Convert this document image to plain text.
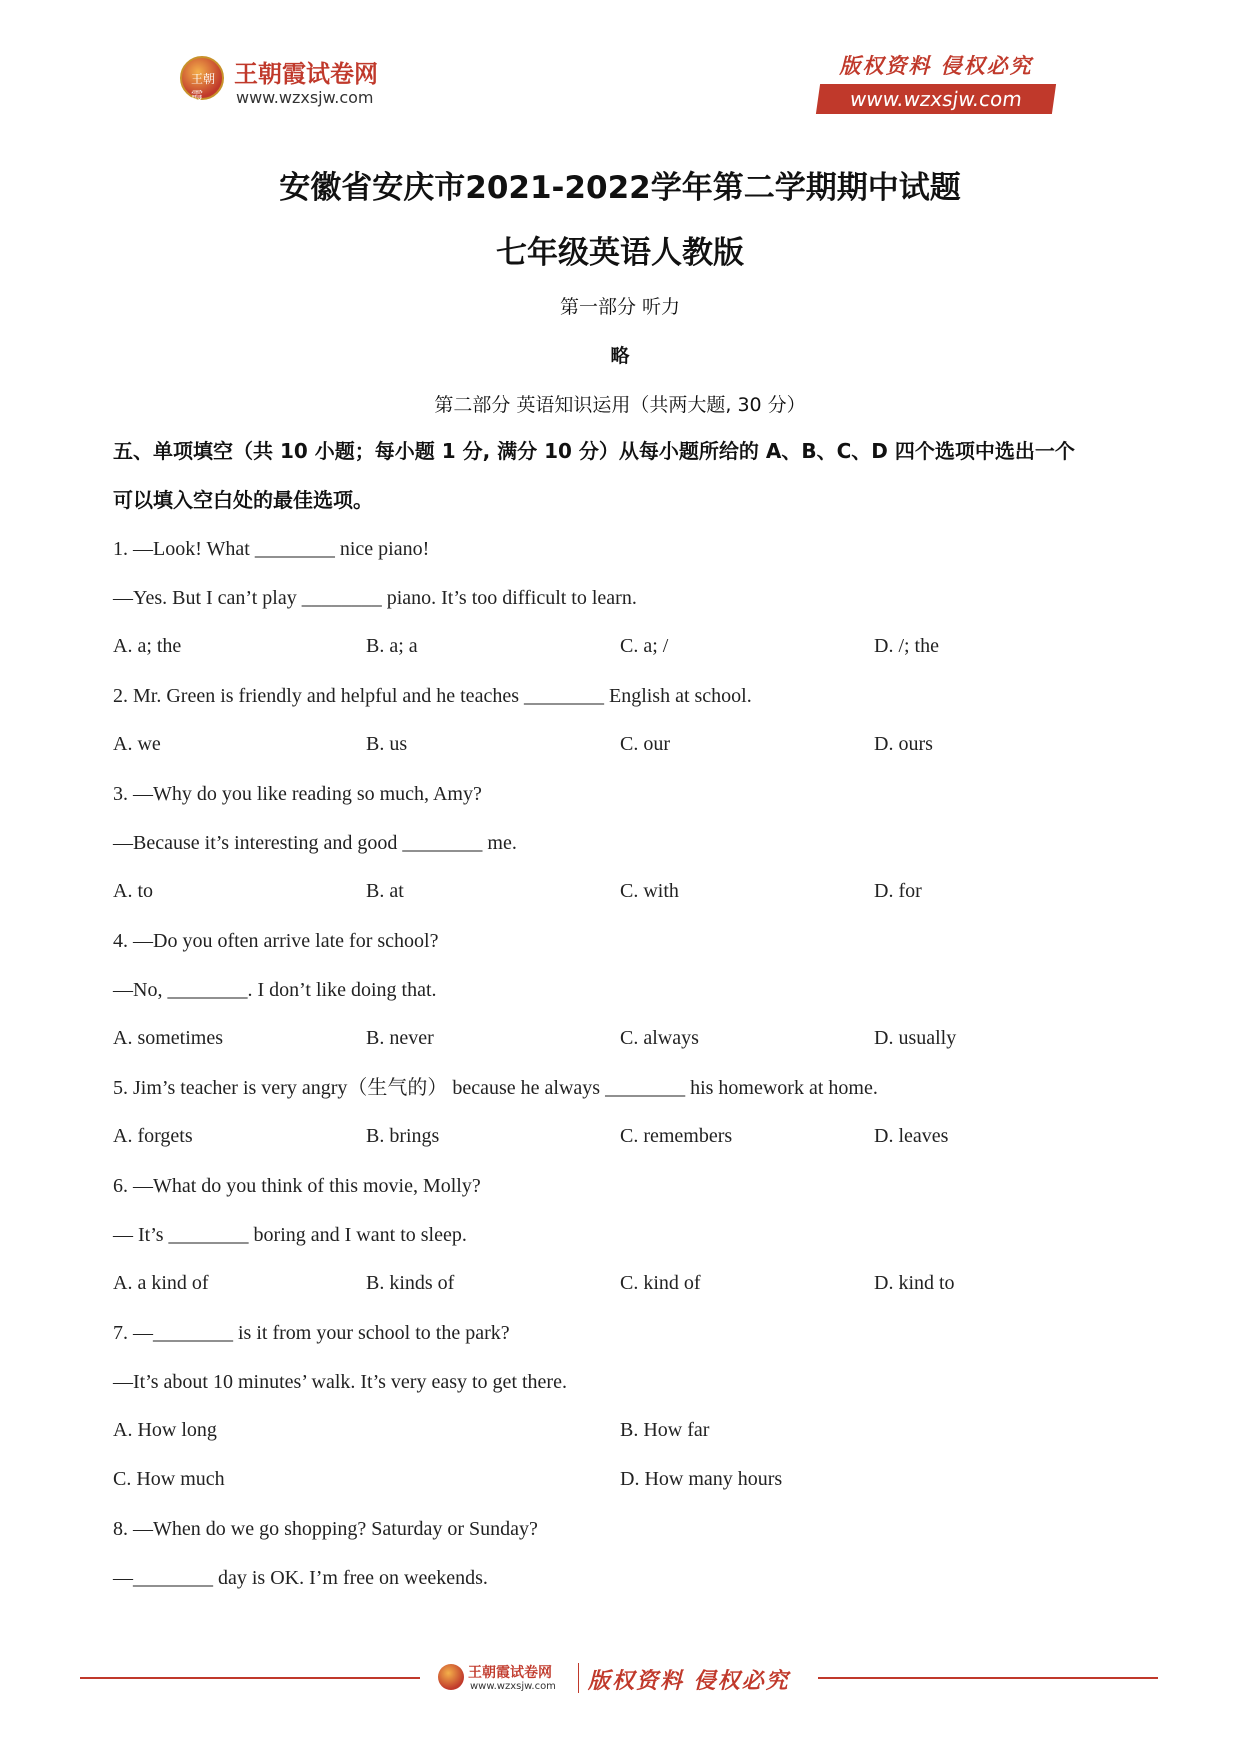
王朝霞
王朝霞试卷网
www.wzxsjw.com
版权资料 侵权必究
www.wzxsjw.com
安徽省安庆市2021-2022学年第二学期期中试题
七年级英语人教版
第一部分 听力
略
第二部分 英语知识运用（共两大题, 30 分）
五、单项填空（共 10 小题；每小题 1 分, 满分 10 分）从每小题所给的 A、B、C、D 四个选项中选出一个
可以填入空白处的最佳选项。
1. —Look! What ________ nice piano!
—Yes. But I can’t play ________ piano. It’s too difficult to learn.
A. a; the	B. a; a	C. a; /	D. /; the
2. Mr. Green is friendly and helpful and he teaches ________ English at school.
A. we	B. us	C. our	D. ours
3. —Why do you like reading so much, Amy?
—Because it’s interesting and good ________ me.
A. to	B. at	C. with	D. for
4. —Do you often arrive late for school?
—No, ________. I don’t like doing that.
A. sometimes	B. never	C. always	D. usually
5. Jim’s teacher is very angry（生气的） because he always ________ his homework at home.
A. forgets	B. brings	C. remembers	D. leaves
6. —What do you think of this movie, Molly?
— It’s ________ boring and I want to sleep.
A. a kind of	B. kinds of	C. kind of	D. kind to
7. —________ is it from your school to the park?
—It’s about 10 minutes’ walk. It’s very easy to get there.
A. How long	B. How far
C. How much	D. How many hours
8. —When do we go shopping? Saturday or Sunday?
—________ day is OK. I’m free on weekends.
王朝霞试卷网
www.wzxsjw.com 版权资料 侵权必究
